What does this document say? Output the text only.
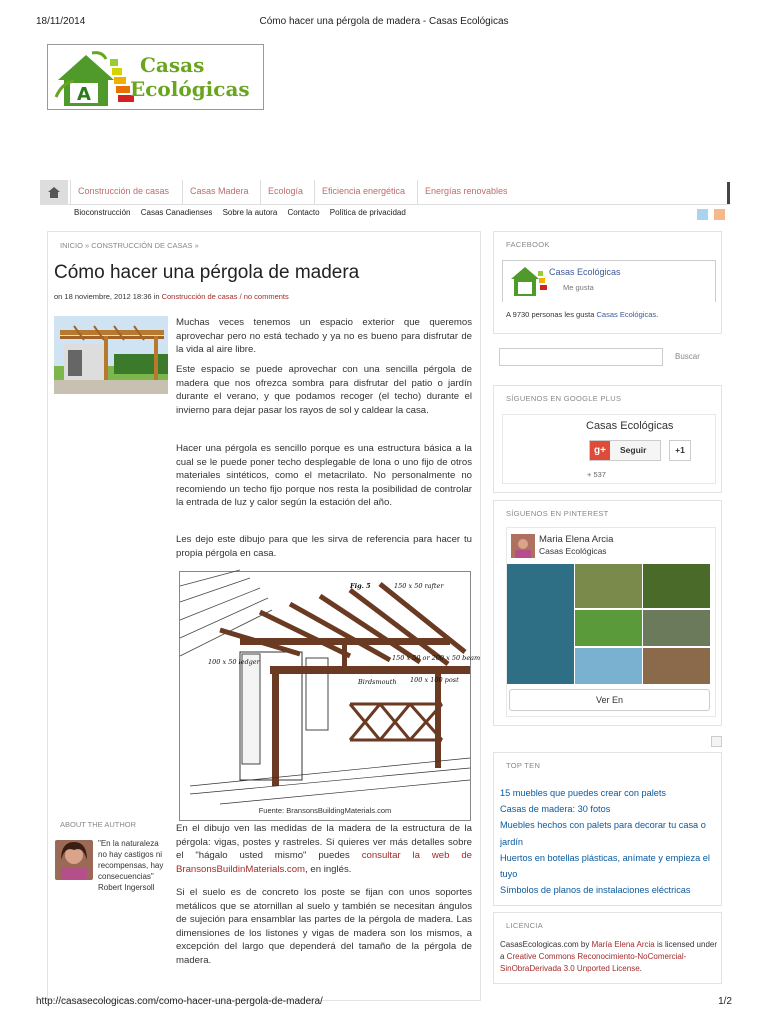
18/11/2014	Cómo hacer una pérgola de madera - Casas Ecológicas
A
Casas
Ecológicas
Construcción de casas	Casas Madera	Ecología	Eficiencia energética	Energías renovables
Bioconstrucción Casas Canadienses Sobre la autora Contacto Política de privacidad

INICIO » CONSTRUCCIÓN DE CASAS »
Cómo hacer una pérgola de madera
on 18 noviembre, 2012 18:36 in Construcción de casas / no comments

Muchas veces tenemos un espacio exterior que queremos aprovechar pero no está techado y ya no es bueno para disfrutar de la vida al aire libre.

Este espacio se puede aprovechar con una sencilla pérgola de madera que nos ofrezca sombra para disfrutar del patio o jardín durante el verano, y que podamos recoger (el techo) durante el invierno para dejar pasar los rayos de sol y caldear la casa.

Hacer una pérgola es sencillo porque es una estructura básica a la cual se le puede poner techo desplegable de lona o uno fijo de otros materiales sintéticos, como el metacrilato. No personalmente no recomiendo un techo fijo porque nos resta la posibilidad de controlar la entrada de luz y calor según la estación del año.

Les dejo este dibujo para que les sirva de referencia para hacer tu propia pérgola en casa.

Fig. 5	150 x 50 rafter
100 x 50 ledger	150 x 50 or 200 x 50 beam
Birdsmouth 100 x 100 post
Fuente: BransonsBuildingMaterials.com

En el dibujo ven las medidas de la madera de la estructura de la pérgola: vigas, postes y rastreles. Si quieres ver más detalles sobre el "hágalo usted mismo" puedes consultar la web de BransonsBuildinMaterials.com, en inglés.

Si el suelo es de concreto los poste se fijan con unos soportes metálicos que se atornillan al suelo y también se necesitan ángulos de sujeción para ensamblar las partes de la pérgola de madera. Las dimensiones de los listones y vigas de madera son los mismos, a excepción del largo que dependerá del tamaño de la pérgola de madera.

ABOUT THE AUTHOR
"En la naturaleza no hay castigos ni recompensas, hay consecuencias" Robert Ingersoll
FACEBOOK
Casas Ecológicas
Me gusta
A 9730 personas les gusta Casas Ecológicas.
Buscar
SÍGUENOS EN GOOGLE PLUS
Casas Ecológicas
g+	Seguir	+1
+ 537
SÍGUENOS EN PINTEREST
Maria Elena Arcia
Casas Ecológicas
Ver En
TOP TEN
15 muebles que puedes crear con palets
Casas de madera: 30 fotos
Muebles hechos con palets para decorar tu casa o jardín
Huertos en botellas plásticas, anímate y empieza el tuyo
Símbolos de planos de instalaciones eléctricas
LICENCIA
CasasEcologicas.com by María Elena Arcia is licensed under a Creative Commons Reconocimiento-NoComercial-SinObraDerivada 3.0 Unported License.
http://casasecologicas.com/como-hacer-una-pergola-de-madera/	1/2
